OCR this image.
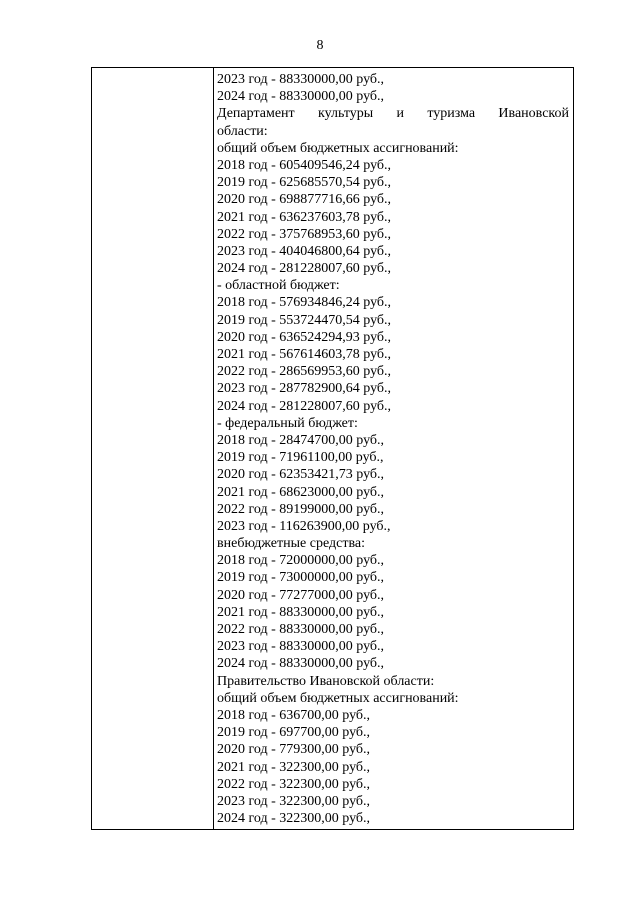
8
2023 год - 88330000,00 руб.,
2024 год - 88330000,00 руб.,
Департамент культуры и туризма Ивановской
области:
общий объем бюджетных ассигнований:
2018 год - 605409546,24 руб.,
2019 год - 625685570,54 руб.,
2020 год - 698877716,66 руб.,
2021 год - 636237603,78 руб.,
2022 год - 375768953,60 руб.,
2023 год - 404046800,64 руб.,
2024 год - 281228007,60 руб.,
- областной бюджет:
2018 год - 576934846,24 руб.,
2019 год - 553724470,54 руб.,
2020 год - 636524294,93 руб.,
2021 год - 567614603,78 руб.,
2022 год - 286569953,60 руб.,
2023 год - 287782900,64 руб.,
2024 год - 281228007,60 руб.,
- федеральный бюджет:
2018 год - 28474700,00 руб.,
2019 год - 71961100,00 руб.,
2020 год - 62353421,73 руб.,
2021 год - 68623000,00 руб.,
2022 год - 89199000,00 руб.,
2023 год - 116263900,00 руб.,
внебюджетные средства:
2018 год - 72000000,00 руб.,
2019 год - 73000000,00 руб.,
2020 год - 77277000,00 руб.,
2021 год - 88330000,00 руб.,
2022 год - 88330000,00 руб.,
2023 год - 88330000,00 руб.,
2024 год - 88330000,00 руб.,
Правительство Ивановской области:
общий объем бюджетных ассигнований:
2018 год - 636700,00 руб.,
2019 год - 697700,00 руб.,
2020 год - 779300,00 руб.,
2021 год - 322300,00 руб.,
2022 год - 322300,00 руб.,
2023 год - 322300,00 руб.,
2024 год - 322300,00 руб.,
